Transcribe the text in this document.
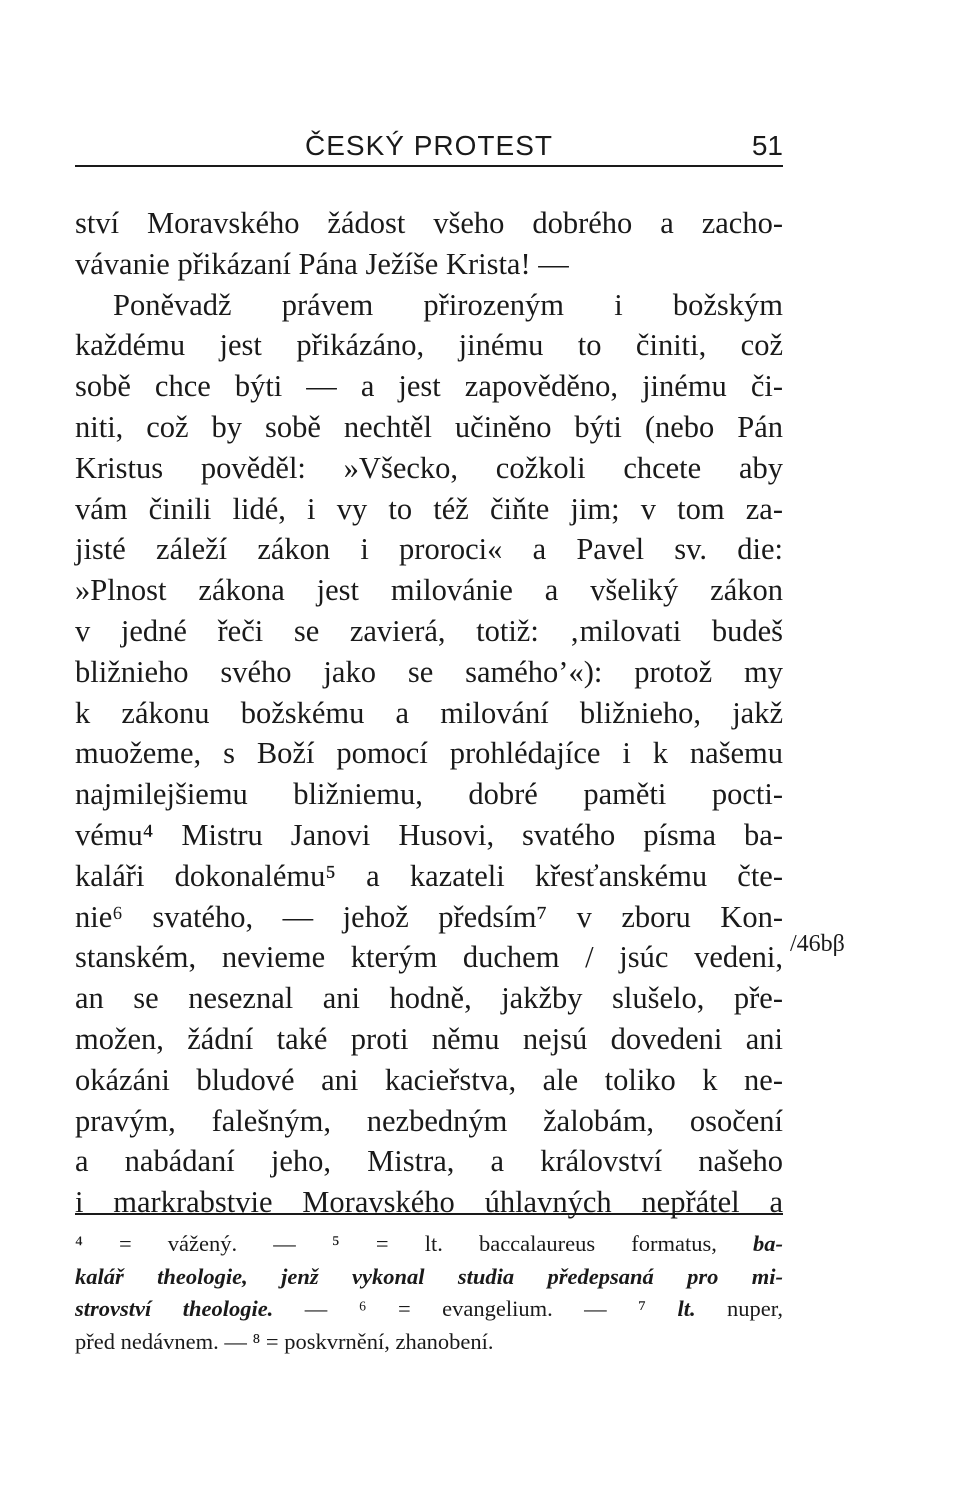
ČESKÝ PROTEST	51
ství Moravského žádost všeho dobrého a zacho-
vávanie přikázaní Pána Ježíše Krista! —
Poněvadž právem přirozeným i božským
každému jest přikázáno, jinému to činiti, což
sobě chce býti — a jest zapověděno, jinému či-
niti, což by sobě nechtěl učiněno býti (nebo Pán
Kristus pověděl: »Všecko, cožkoli chcete aby
vám činili lidé, i vy to též čiňte jim; v tom za-
jisté záleží zákon i proroci« a Pavel sv. die:
»Plnost zákona jest milovánie a všeliký zákon
v jedné řeči se zavierá, totiž: ‚milovati budeš
bližnieho svého jako se samého’«): protož my
k zákonu božskému a milování bližnieho, jakž
muožeme, s Boží pomocí prohlédajíce i k našemu
najmilejšiemu bližniemu, dobré paměti pocti-
vému⁴ Mistru Janovi Husovi, svatého písma ba-
kaláři dokonalému⁵ a kazateli křesťanskému čte-
nie⁶ svatého, — jehož předsím⁷ v zboru Kon-
stanském, nevieme kterým duchem / jsúc vedeni,
an se neseznal ani hodně, jakžby slušelo, pře-
možen, žádní také proti němu nejsú dovedeni ani
okázáni bludové ani kacieřstva, ale toliko k ne-
pravým, falešným, nezbedným žalobám, osočení
a nabádaní jeho, Mistra, a království našeho
i markrabstvie Moravského úhlavných nepřátel a
/46bβ
⁴ = vážený. — ⁵ = lt. baccalaureus formatus, ba-
kalář theologie, jenž vykonal studia předepsaná pro mi-
strovství theologie. — ⁶ = evangelium. — ⁷ lt. nuper,
před nedávnem. — ⁸ = poskvrnění, zhanobení.
